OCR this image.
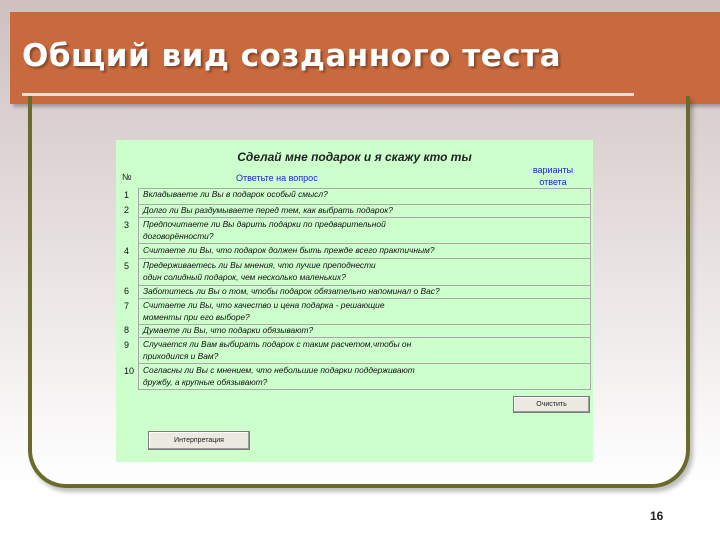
Общий вид созданного теста
Сделай мне подарок и я скажу кто ты
№	Ответьте на вопрос
варианты
ответа
1 Вкладываете ли Вы в подарок особый смысл?
2 Долго ли Вы раздумываете перед тем, как выбрать подарок?
3 Предпочитаете ли Вы дарить подарки по предварительной
договорённости?
4 Считаете ли Вы, что подарок должен быть прежде всего практичным?
5 Предерживаетесь ли Вы мнения, что лучше преподнести
один солидный подарок, чем несколько маленьких?
6 Заботитесь ли Вы о том, чтобы подарок обязательно напоминал о Вас?
7 Считаете ли Вы, что качество и цена подарка - решающие
моменты при его выборе?
8 Думаете ли Вы, что подарки обязывают?
9 Случается ли Вам выбирать подарок с таким расчетом,чтобы он
приходился и Вам?
10 Согласны ли Вы с мнением, что небольшие подарки поддерживают
дружбу, а крупные обязывают?
Очистить
Интерпретация
16
